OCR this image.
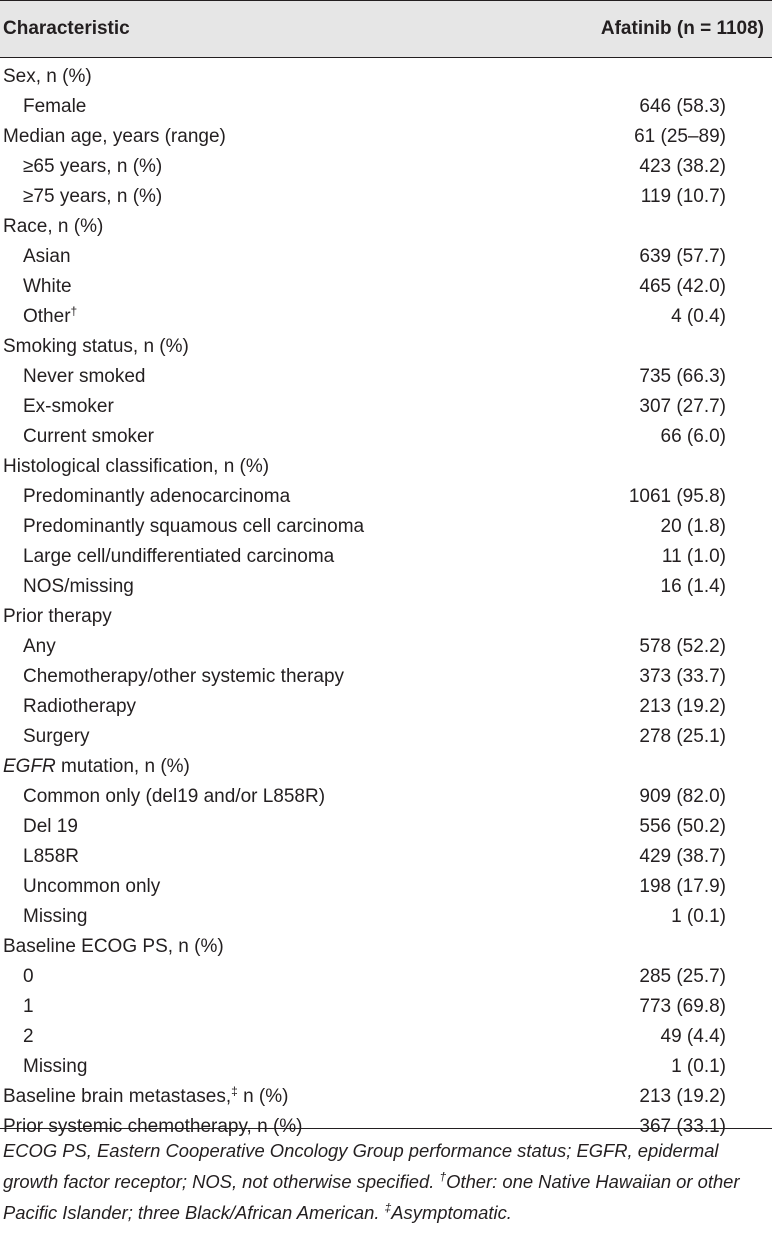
Characteristic	Afatinib (n = 1108)
Sex, n (%)
Female	646 (58.3)
Median age, years (range)	61 (25–89)
≥65 years, n (%)	423 (38.2)
≥75 years, n (%)	119 (10.7)
Race, n (%)
Asian	639 (57.7)
White	465 (42.0)
Other†	4 (0.4)
Smoking status, n (%)
Never smoked	735 (66.3)
Ex-smoker	307 (27.7)
Current smoker	66 (6.0)
Histological classification, n (%)
Predominantly adenocarcinoma	1061 (95.8)
Predominantly squamous cell carcinoma	20 (1.8)
Large cell/undifferentiated carcinoma	11 (1.0)
NOS/missing	16 (1.4)
Prior therapy
Any	578 (52.2)
Chemotherapy/other systemic therapy	373 (33.7)
Radiotherapy	213 (19.2)
Surgery	278 (25.1)
EGFR mutation, n (%)
Common only (del19 and/or L858R)	909 (82.0)
Del 19	556 (50.2)
L858R	429 (38.7)
Uncommon only	198 (17.9)
Missing	1 (0.1)
Baseline ECOG PS, n (%)
0	285 (25.7)
1	773 (69.8)
2	49 (4.4)
Missing	1 (0.1)
Baseline brain metastases,‡ n (%)	213 (19.2)
Prior systemic chemotherapy, n (%)	367 (33.1)
ECOG PS, Eastern Cooperative Oncology Group performance status; EGFR, epidermal growth factor receptor; NOS, not otherwise specified. †Other: one Native Hawaiian or other Pacific Islander; three Black/African American. ‡Asymptomatic.
